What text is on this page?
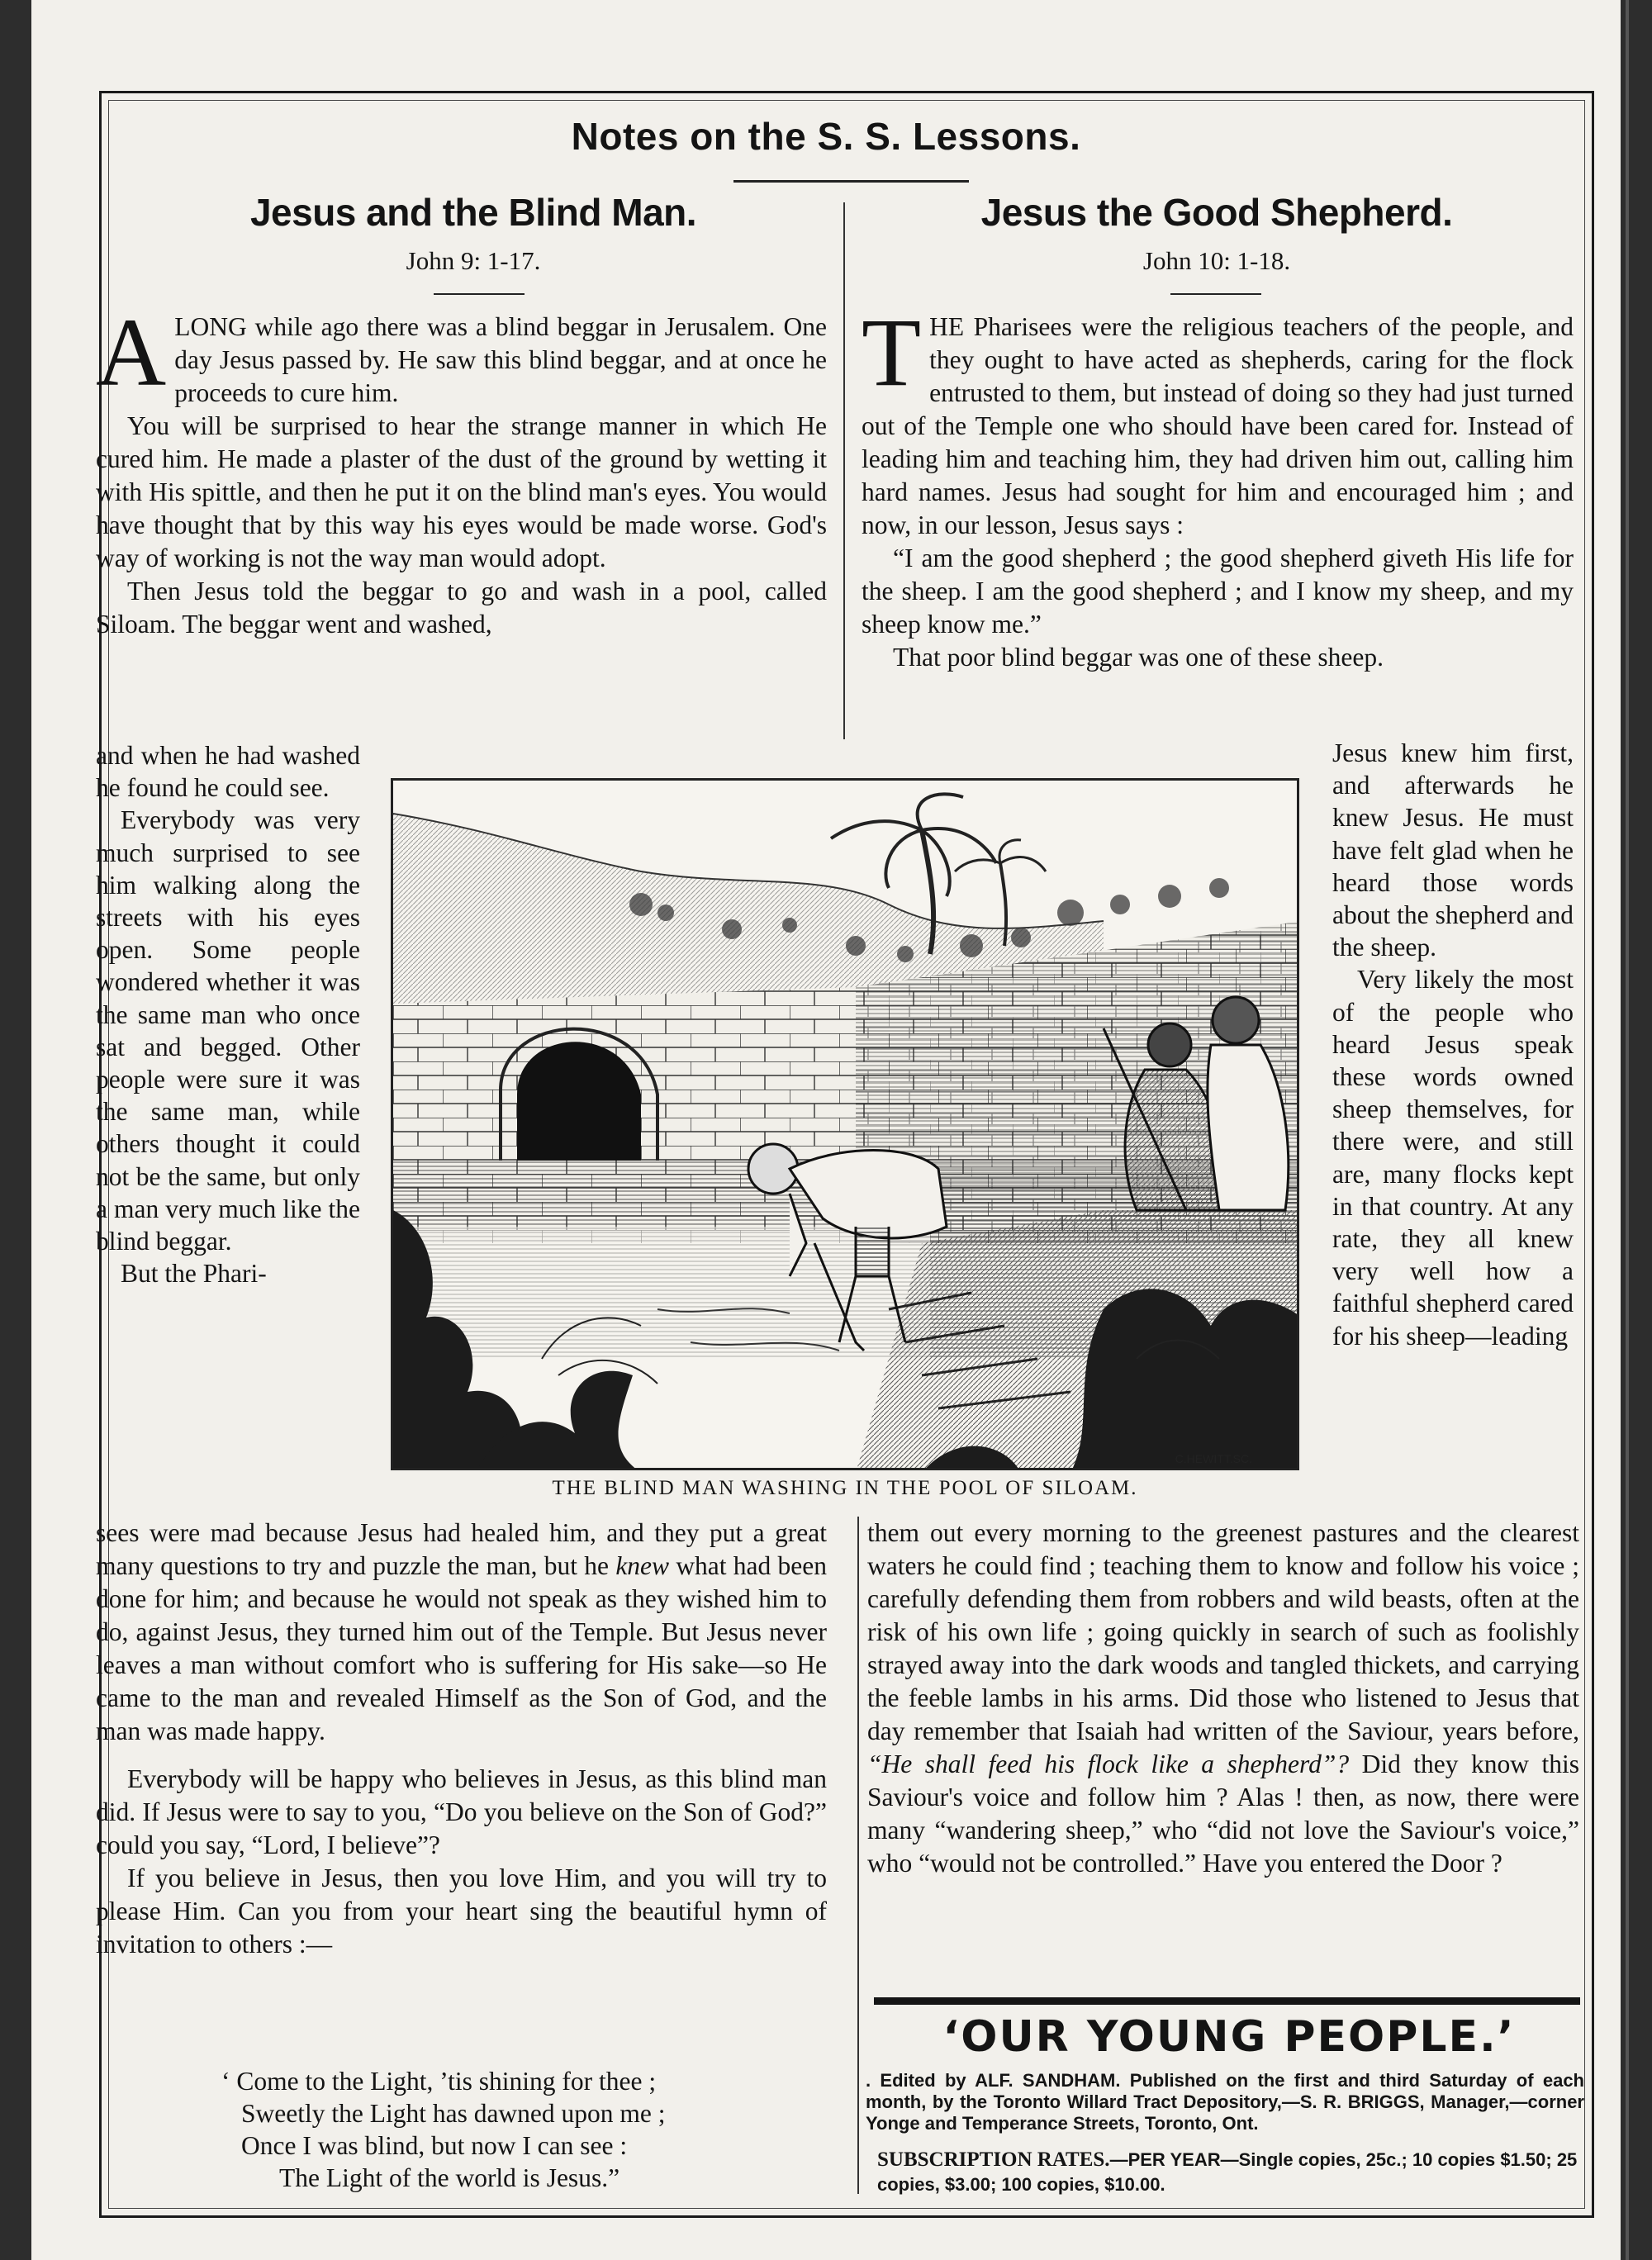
Notes on the S. S. Lessons.
Jesus and the Blind Man.
John 9: 1-17.
Jesus the Good Shepherd.
John 10: 1-18.

ALONG while ago there was a blind beggar in Jerusalem. One day Jesus passed by. He saw this blind beggar, and at once he proceeds to cure him.

You will be surprised to hear the strange manner in which He cured him. He made a plaster of the dust of the ground by wetting it with His spittle, and then he put it on the blind man's eyes. You would have thought that by this way his eyes would be made worse. God's way of working is not the way man would adopt.

Then Jesus told the beggar to go and wash in a pool, called Siloam. The beggar went and washed,

and when he had washed he found he could see.

Everybody was very much surprised to see him walking along the streets with his eyes open. Some people wondered whether it was the same man who once sat and begged. Other people were sure it was the same man, while others thought it could not be the same, but only a man very much like the blind beggar.

But the Phari-

THE Pharisees were the religious teachers of the people, and they ought to have acted as shepherds, caring for the flock entrusted to them, but instead of doing so they had just turned out of the Temple one who should have been cared for. Instead of leading him and teaching him, they had driven him out, calling him hard names. Jesus had sought for him and encouraged him ; and now, in our lesson, Jesus says :

“I am the good shepherd ; the good shepherd giveth His life for the sheep. I am the good shepherd ; and I know my sheep, and my sheep know me.”

That poor blind beggar was one of these sheep.

Jesus knew him first, and afterwards he knew Jesus. He must have felt glad when he heard those words about the shepherd and the sheep.

Very likely the most of the people who heard Jesus speak these words owned sheep themselves, for there were, and still are, many flocks kept in that country. At any rate, they all knew very well how a faithful shepherd cared for his sheep—leading

C.HEWITT.SC.
THE BLIND MAN WASHING IN THE POOL OF SILOAM.

sees were mad because Jesus had healed him, and they put a great many questions to try and puzzle the man, but he knew what had been done for him; and because he would not speak as they wished him to do, against Jesus, they turned him out of the Temple. But Jesus never leaves a man without comfort who is suffering for His sake—so He came to the man and revealed Himself as the Son of God, and the man was made happy.

Everybody will be happy who believes in Jesus, as this blind man did. If Jesus were to say to you, “Do you believe on the Son of God?” could you say, “Lord, I believe”?

If you believe in Jesus, then you love Him, and you will try to please Him. Can you from your heart sing the beautiful hymn of invitation to others :—

‘ Come to the Light, ’tis shining for thee ;
Sweetly the Light has dawned upon me ;
Once I was blind, but now I can see :
The Light of the world is Jesus.”

them out every morning to the greenest pastures and the clearest waters he could find ; teaching them to know and follow his voice ; carefully defending them from robbers and wild beasts, often at the risk of his own life ; going quickly in search of such as foolishly strayed away into the dark woods and tangled thickets, and carrying the feeble lambs in his arms. Did those who listened to Jesus that day remember that Isaiah had written of the Saviour, years before, “He shall feed his flock like a shepherd”? Did they know this Saviour's voice and follow him ? Alas ! then, as now, there were many “wandering sheep,” who “did not love the Saviour's voice,” who “would not be controlled.” Have you entered the Door ?

‘OUR YOUNG PEOPLE.’
. Edited by ALF. SANDHAM. Published on the first and third Saturday of each month, by the Toronto Willard Tract Depository,—S. R. BRIGGS, Manager,—corner Yonge and Temperance Streets, Toronto, Ont.
SUBSCRIPTION RATES.—PER YEAR—Single copies, 25c.; 10 copies $1.50; 25 copies, $3.00; 100 copies, $10.00.
